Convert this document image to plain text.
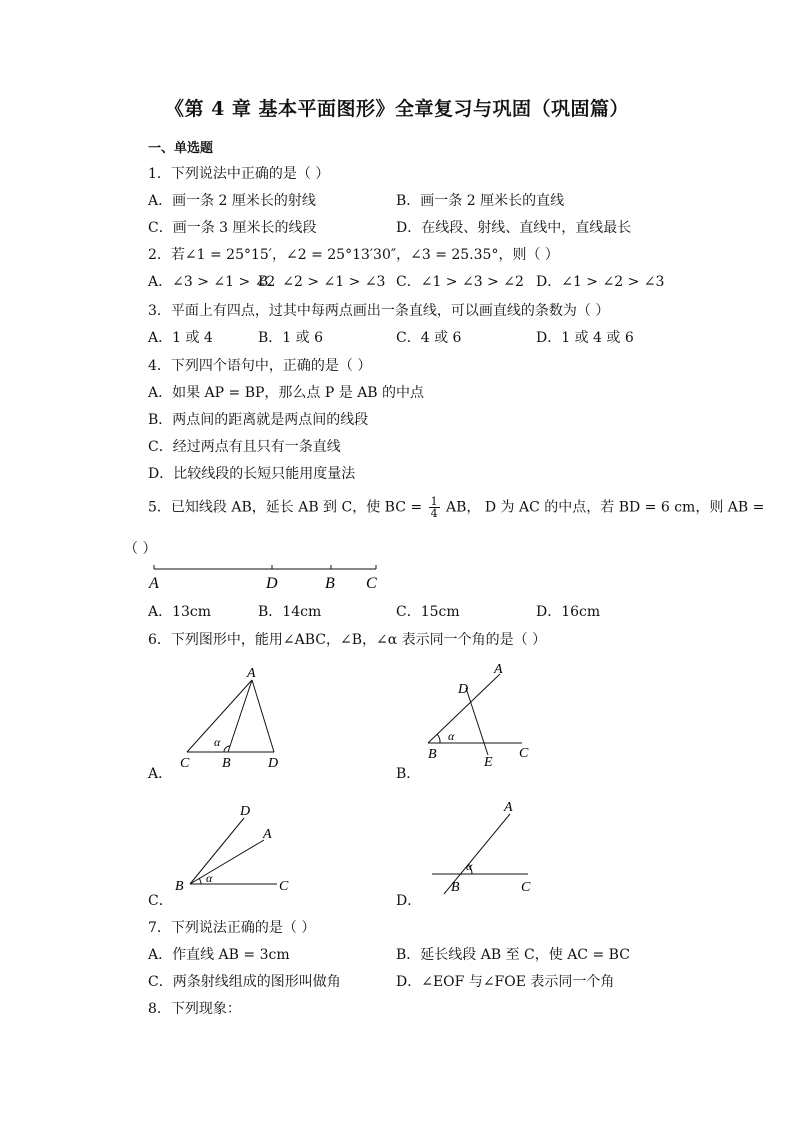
《第 4 章 基本平面图形》全章复习与巩固（巩固篇）
一、单选题
1．下列说法中正确的是（ ）
A．画一条 2 厘米长的射线	B．画一条 2 厘米长的直线
C．画一条 3 厘米长的线段	D．在线段、射线、直线中，直线最长
2．若∠1 = 25°15′，∠2 = 25°13′30″，∠3 = 25.35°，则（ ）
A．∠3 > ∠1 > ∠2
B．∠2 > ∠1 > ∠3 C．∠1 > ∠3 > ∠2 D．∠1 > ∠2 > ∠3
3．平面上有四点，过其中每两点画出一条直线，可以画直线的条数为（ ）
A．1 或 4	B．1 或 6	C．4 或 6	D．1 或 4 或 6
4．下列四个语句中，正确的是（ ）
A．如果 AP = BP，那么点 P 是 AB 的中点
B．两点间的距离就是两点间的线段
C．经过两点有且只有一条直线
D．比较线段的长短只能用度量法
5．已知线段 AB，延长 AB 到 C，使 BC = $\frac{1}{4}$ AB， D 为 AC 的中点，若 BD = 6 cm，则 AB =
（ ）
A	D	B C
A．13cm	B．14cm	C．15cm	D．16cm
6．下列图形中，能用∠ABC，∠B，∠α 表示同一个角的是（ ）
A
C B	D
α
A．
A
D
B
E
C
α
B．
D
A
B	C
α
C．
A
B	C
α
D．
7．下列说法正确的是（ ）
A．作直线 AB = 3cm	B．延长线段 AB 至 C，使 AC = BC
C．两条射线组成的图形叫做角	D．∠EOF 与∠FOE 表示同一个角
8．下列现象：
